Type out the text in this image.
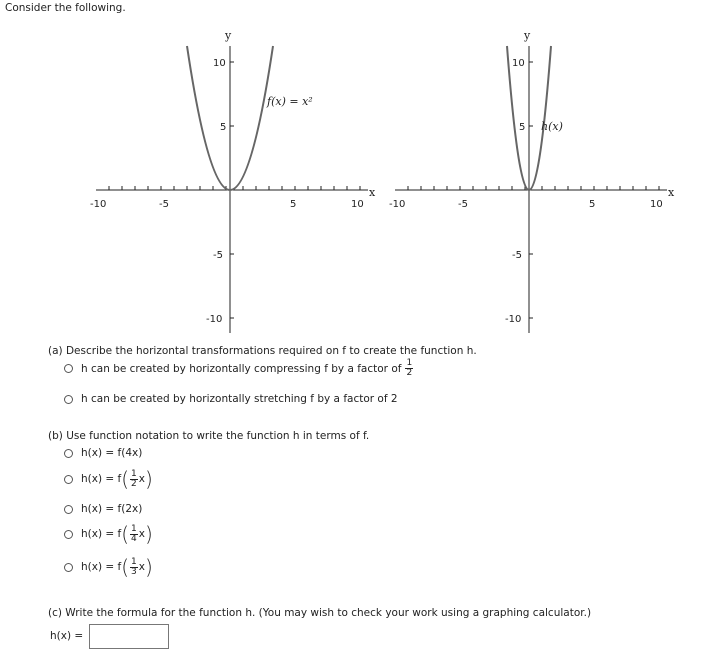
Consider the following.
y
x
-10	-5	5	10
10
5
-5
-10
f(x) = x²
y
x
-10	-5	5	10
10
5
-5
-10
h(x)
(a) Describe the horizontal transformations required on f to create the function h.
h can be created by horizontally compressing f by a factor of $\frac{1}{2}$
h can be created by horizontally stretching f by a factor of 2
(b) Use function notation to write the function h in terms of f.
h(x) = f(4x)
h(x) = f ( $\frac{1}{2}$ x )
h(x) = f(2x)
h(x) = f ( $\frac{1}{4}$ x )
h(x) = f ( $\frac{1}{3}$ x )
(c) Write the formula for the function h. (You may wish to check your work using a graphing calculator.)
h(x) =
